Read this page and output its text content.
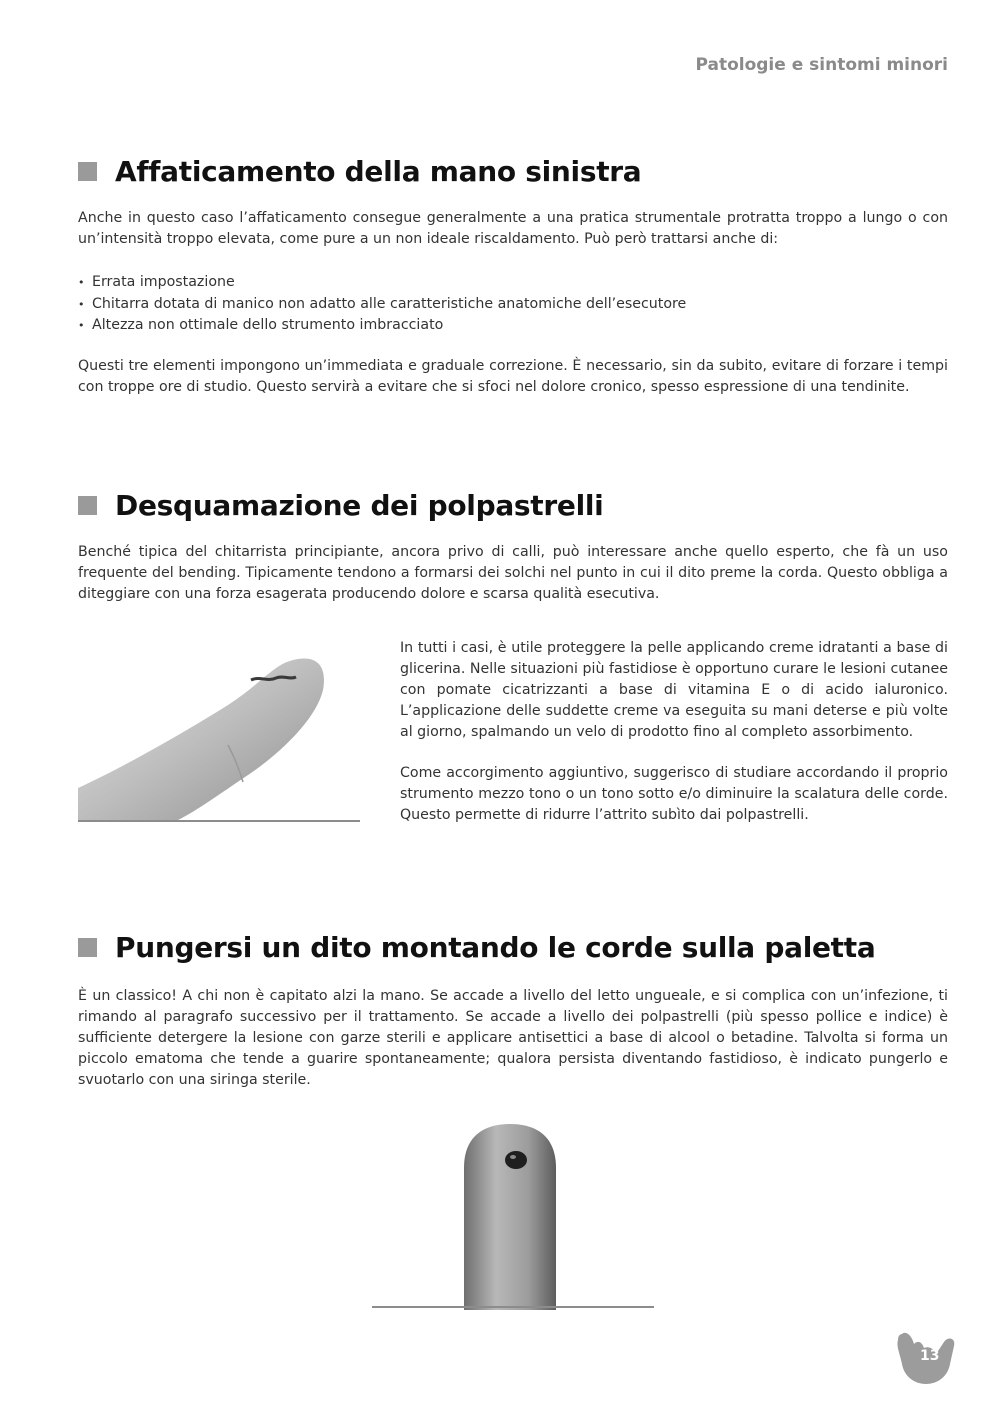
Patologie e sintomi minori
Affaticamento della mano sinistra

Anche in questo caso l’affaticamento consegue generalmente a una pratica strumentale protratta troppo a lungo o con un’intensità troppo elevata, come pure a un non ideale riscaldamento. Può però trattarsi anche di:

• Errata impostazione
• Chitarra dotata di manico non adatto alle caratteristiche anatomiche dell’esecutore
• Altezza non ottimale dello strumento imbracciato

Questi tre elementi impongono un’immediata e graduale correzione. È necessario, sin da subito, evitare di forzare i tempi con troppe ore di studio. Questo servirà a evitare che si sfoci nel dolore cronico, spesso espressione di una tendinite.

Desquamazione dei polpastrelli

Benché tipica del chitarrista principiante, ancora privo di calli, può interessare anche quello esperto, che fà un uso frequente del bending. Tipicamente tendono a formarsi dei solchi nel punto in cui il dito preme la corda. Questo obbliga a diteggiare con una forza esagerata producendo dolore e scarsa qualità esecutiva.

In tutti i casi, è utile proteggere la pelle applicando creme idratanti a base di glicerina. Nelle situazioni più fastidiose è opportuno curare le lesioni cutanee con pomate cicatrizzanti a base di vitamina E o di acido ialuronico. L’applicazione delle suddette creme va eseguita su mani deterse e più volte al giorno, spalmando un velo di prodotto fino al completo assorbimento.

Come accorgimento aggiuntivo, suggerisco di studiare accordando il proprio strumento mezzo tono o un tono sotto e/o diminuire la scalatura delle corde. Questo permette di ridurre l’attrito subìto dai polpastrelli.

Pungersi un dito montando le corde sulla paletta

È un classico! A chi non è capitato alzi la mano. Se accade a livello del letto ungueale, e si complica con un’infezione, ti rimando al paragrafo successivo per il trattamento. Se accade a livello dei polpastrelli (più spesso pollice e indice) è sufficiente detergere la lesione con garze sterili e applicare antisettici a base di alcool o betadine. Talvolta si forma un piccolo ematoma che tende a guarire spontaneamente; qualora persista diventando fastidioso, è indicato pungerlo e svuotarlo con una siringa sterile.

13
